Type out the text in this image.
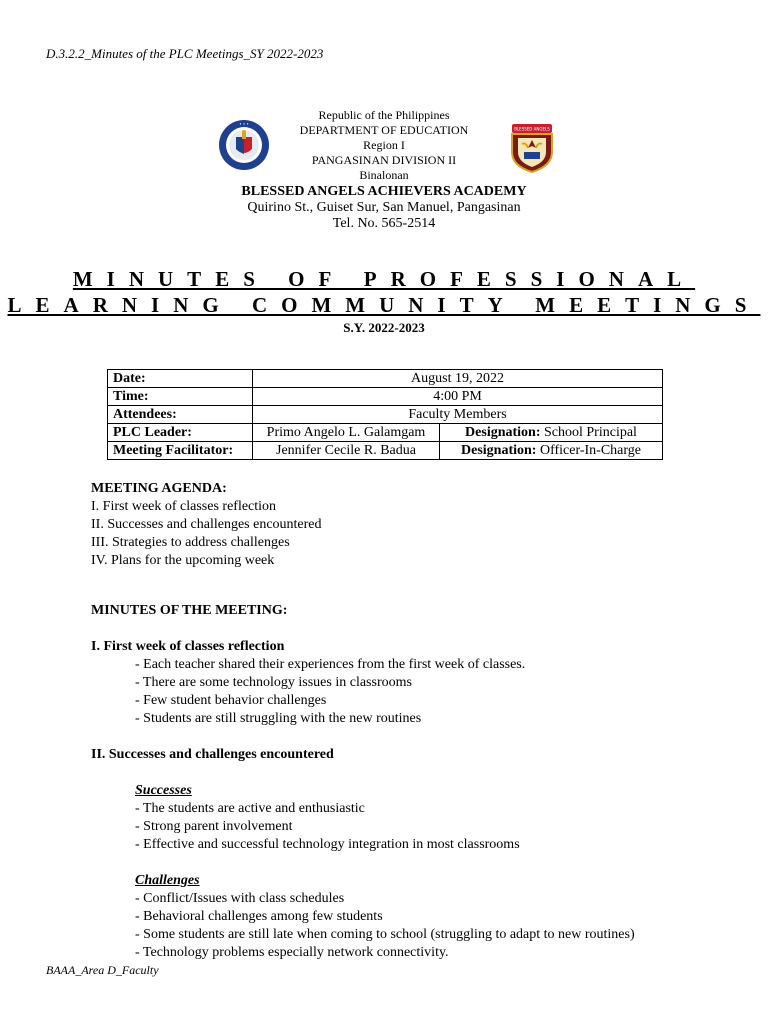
D.3.2.2_Minutes of the PLC Meetings_SY 2022-2023
• • •
BLESSED ANGELS
Republic of the Philippines
DEPARTMENT OF EDUCATION
Region I
PANGASINAN DIVISION II
Binalonan
BLESSED ANGELS ACHIEVERS ACADEMY
Quirino St., Guiset Sur, San Manuel, Pangasinan
Tel. No. 565-2514
MINUTES OF PROFESSIONAL
LEARNING COMMUNITY MEETINGS
S.Y. 2022-2023
Date:	August 19, 2022	
Time:	4:00 PM	
Attendees:	Faculty Members	
PLC Leader:	Primo Angelo L. Galamgam	Designation: School Principal
Meeting Facilitator:	Jennifer Cecile R. Badua	Designation: Officer-In-Charge
MEETING AGENDA:
I. First week of classes reflection
II. Successes and challenges encountered
III. Strategies to address challenges
IV. Plans for the upcoming week
MINUTES OF THE MEETING:
I. First week of classes reflection
- Each teacher shared their experiences from the first week of classes.
- There are some technology issues in classrooms
- Few student behavior challenges
- Students are still struggling with the new routines
II. Successes and challenges encountered
Successes
- The students are active and enthusiastic
- Strong parent involvement
- Effective and successful technology integration in most classrooms
Challenges
- Conflict/Issues with class schedules
- Behavioral challenges among few students
- Some students are still late when coming to school (struggling to adapt to new routines)
- Technology problems especially network connectivity.
BAAA_Area D_Faculty
